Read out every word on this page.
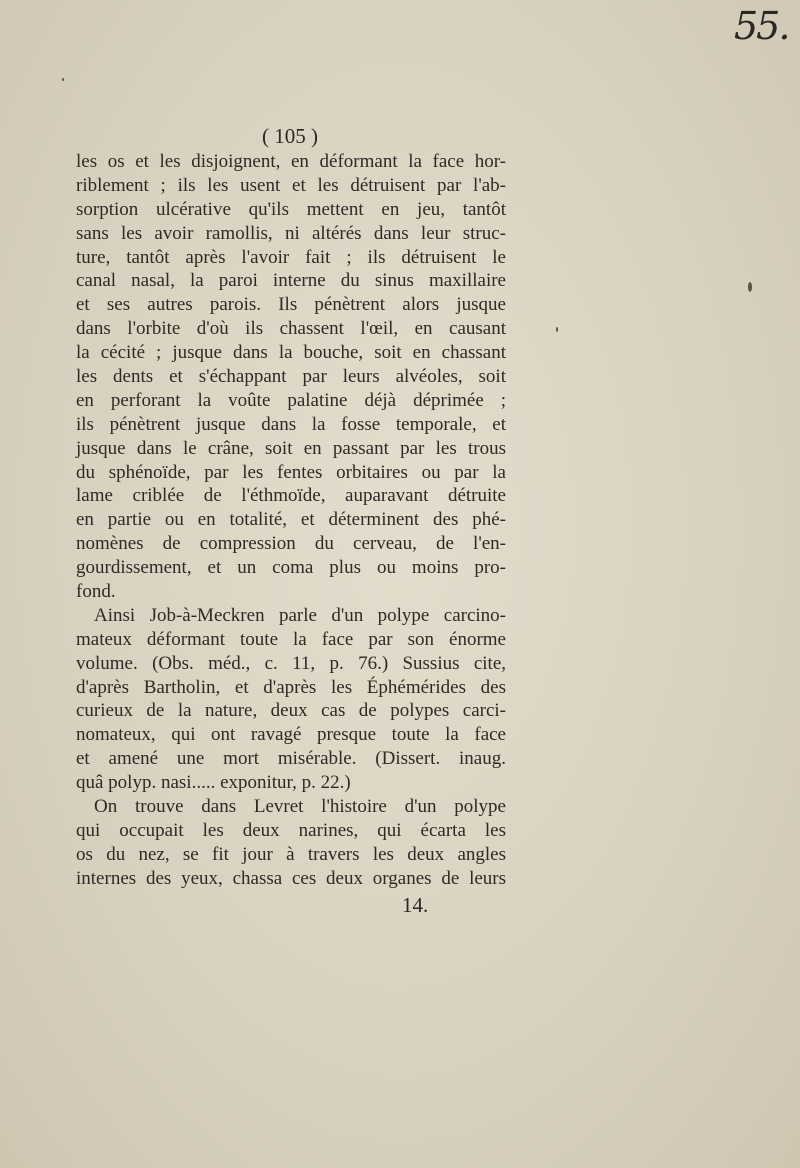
55.
( 105 )
les os et les disjoignent, en déformant la face hor-
riblement ; ils les usent et les détruisent par l'ab-
sorption ulcérative qu'ils mettent en jeu, tantôt
sans les avoir ramollis, ni altérés dans leur struc-
ture, tantôt après l'avoir fait ; ils détruisent le
canal nasal, la paroi interne du sinus maxillaire
et ses autres parois. Ils pénètrent alors jusque
dans l'orbite d'où ils chassent l'œil, en causant
la cécité ; jusque dans la bouche, soit en chassant
les dents et s'échappant par leurs alvéoles, soit
en perforant la voûte palatine déjà déprimée ;
ils pénètrent jusque dans la fosse temporale, et
jusque dans le crâne, soit en passant par les trous
du sphénoïde, par les fentes orbitaires ou par la
lame criblée de l'éthmoïde, auparavant détruite
en partie ou en totalité, et déterminent des phé-
nomènes de compression du cerveau, de l'en-
gourdissement, et un coma plus ou moins pro-
fond.
Ainsi Job-à-Meckren parle d'un polype carcino-
mateux déformant toute la face par son énorme
volume. (Obs. méd., c. 11, p. 76.) Sussius cite,
d'après Bartholin, et d'après les Éphémérides des
curieux de la nature, deux cas de polypes carci-
nomateux, qui ont ravagé presque toute la face
et amené une mort misérable. (Dissert. inaug.
quâ polyp. nasi..... exponitur, p. 22.)
On trouve dans Levret l'histoire d'un polype
qui occupait les deux narines, qui écarta les
os du nez, se fit jour à travers les deux angles
internes des yeux, chassa ces deux organes de leurs
14.
